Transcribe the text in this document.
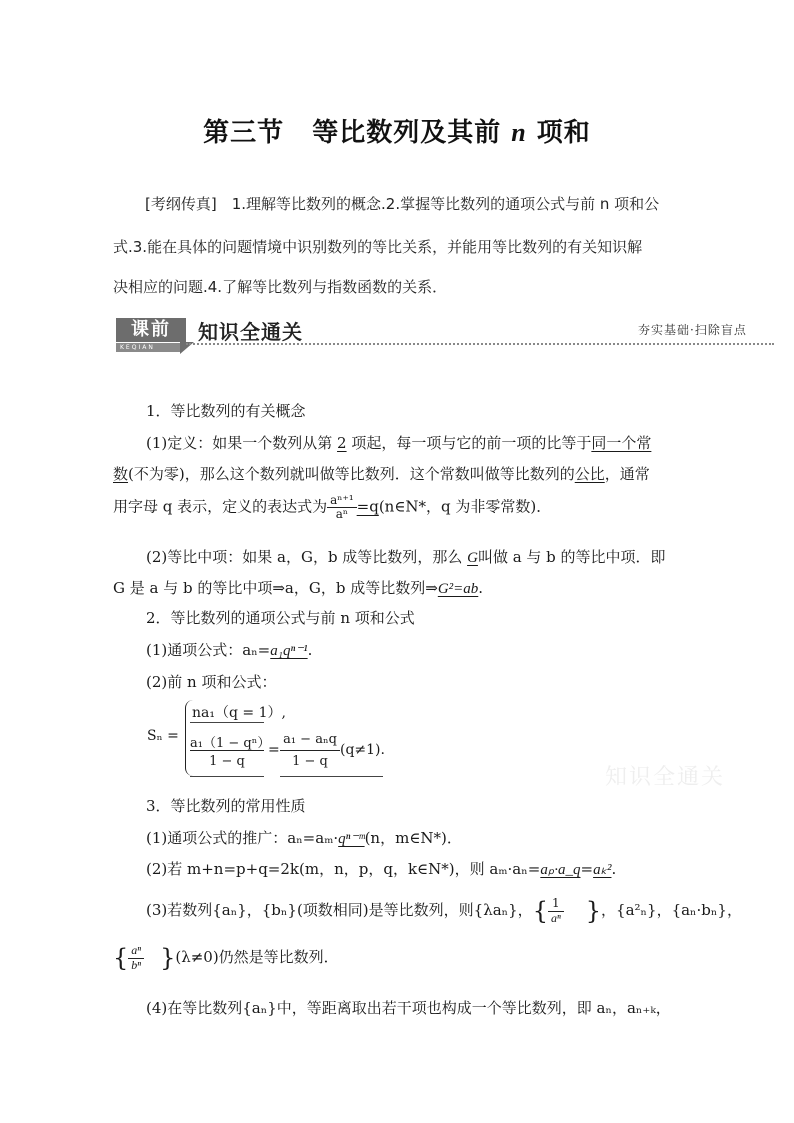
第三节 等比数列及其前 n 项和
[考纲传真]　1.理解等比数列的概念.2.掌握等比数列的通项公式与前 n 项和公
式.3.能在具体的问题情境中识别数列的等比关系，并能用等比数列的有关知识解
决相应的问题.4.了解等比数列与指数函数的关系．
课前
KEQIAN
知识全通关	夯实基础·扫除盲点
1．等比数列的有关概念
(1)定义：如果一个数列从第 2 项起，每一项与它的前一项的比等于同一个常
数(不为零)，那么这个数列就叫做等比数列．这个常数叫做等比数列的公比，通常
用字母 q 表示，定义的表达式为 $\frac{\text{aⁿ⁺¹}}{\text{aⁿ}}$ =q(n∈N*，q 为非零常数)．
(2)等比中项：如果 a，G，b 成等比数列，那么 G叫做 a 与 b 的等比中项．即
G 是 a 与 b 的等比中项⇒a，G，b 成等比数列⇒G²=ab.
2．等比数列的通项公式与前 n 项和公式
(1)通项公式：aₙ=a₁qⁿ⁻¹.
(2)前 n 项和公式：
Sₙ =
na₁（q = 1）,
a₁（1 − qⁿ）
1 − q
=
a₁ − aₙq
1 − q
(q≠1).
知识全通关
3．等比数列的常用性质
(1)通项公式的推广：aₙ=aₘ·qⁿ⁻ᵐ(n，m∈N*)．
(2)若 m+n=p+q=2k(m，n，p，q，k∈N*)，则 aₘ·aₙ=aₚ·a_q=aₖ².
(3)若数列{aₙ}，{bₙ}(项数相同)是等比数列，则{λaₙ}，{ $\frac{1}{\text{aⁿ}}$ }，{a²ₙ}，{aₙ·bₙ}，
{ $\frac{\text{aⁿ}}{\text{bⁿ}} \}(\lambda\ne 0)$仍然是等比数列．
(4)在等比数列{aₙ}中，等距离取出若干项也构成一个等比数列，即 aₙ，aₙ₊ₖ，
